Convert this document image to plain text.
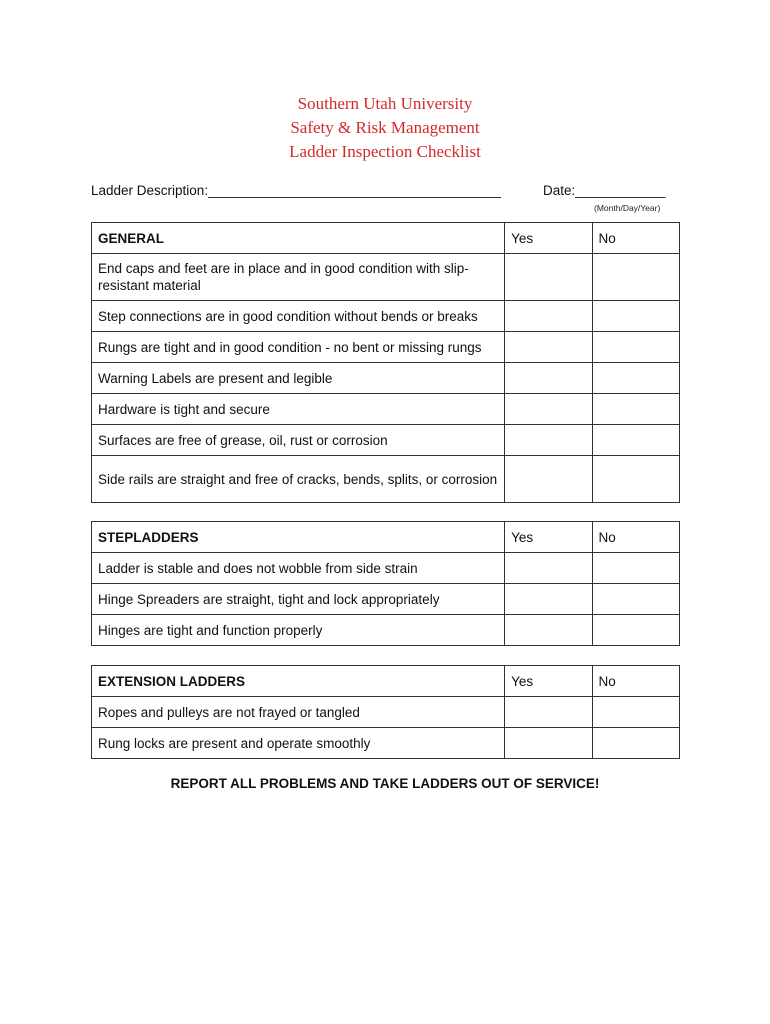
Southern Utah University
Safety & Risk Management
Ladder Inspection Checklist
Ladder Description:_______________________________________	Date:____________
(Month/Day/Year)
GENERAL	Yes	No
End caps and feet are in place and in good condition with slip-resistant material		
Step connections are in good condition without bends or breaks		
Rungs are tight and in good condition - no bent or missing rungs		
Warning Labels are present and legible		
Hardware is tight and secure		
Surfaces are free of grease, oil, rust or corrosion		
Side rails are straight and free of cracks, bends, splits, or corrosion		
STEPLADDERS	Yes	No
Ladder is stable and does not wobble from side strain		
Hinge Spreaders are straight, tight and lock appropriately		
Hinges are tight and function properly		
EXTENSION LADDERS	Yes	No
Ropes and pulleys are not frayed or tangled		
Rung locks are present and operate smoothly		
REPORT ALL PROBLEMS AND TAKE LADDERS OUT OF SERVICE!
